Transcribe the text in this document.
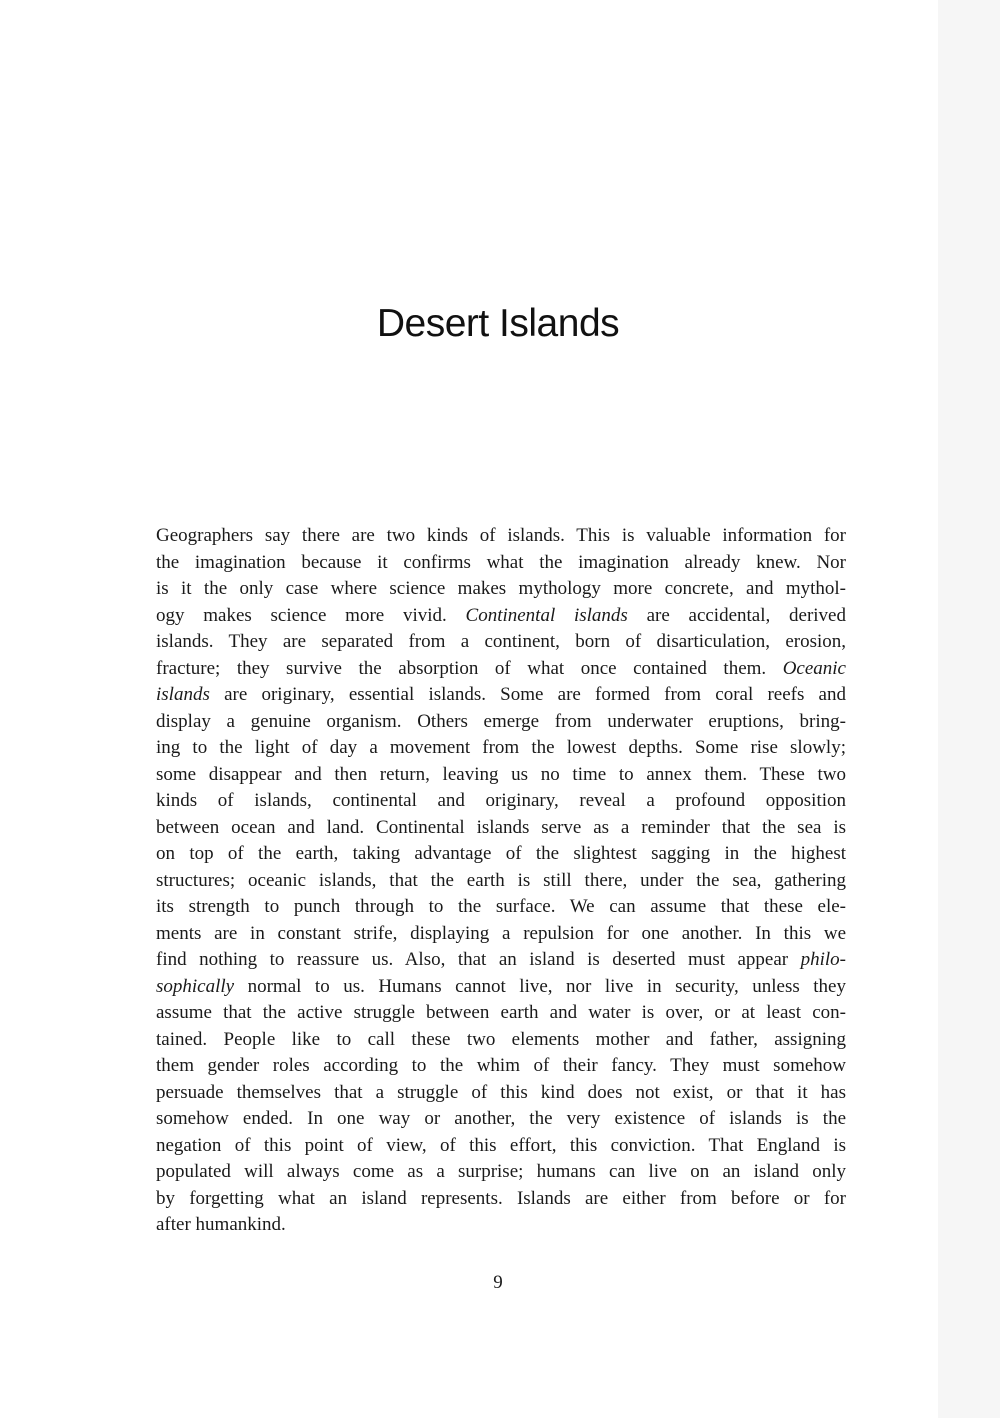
Desert Islands
Geographers say there are two kinds of islands. This is valuable information for
the imagination because it confirms what the imagination already knew. Nor
is it the only case where science makes mythology more concrete, and mythol-
ogy makes science more vivid. Continental islands are accidental, derived
islands. They are separated from a continent, born of disarticulation, erosion,
fracture; they survive the absorption of what once contained them. Oceanic
islands are originary, essential islands. Some are formed from coral reefs and
display a genuine organism. Others emerge from underwater eruptions, bring-
ing to the light of day a movement from the lowest depths. Some rise slowly;
some disappear and then return, leaving us no time to annex them. These two
kinds of islands, continental and originary, reveal a profound opposition
between ocean and land. Continental islands serve as a reminder that the sea is
on top of the earth, taking advantage of the slightest sagging in the highest
structures; oceanic islands, that the earth is still there, under the sea, gathering
its strength to punch through to the surface. We can assume that these ele-
ments are in constant strife, displaying a repulsion for one another. In this we
find nothing to reassure us. Also, that an island is deserted must appear philo-
sophically normal to us. Humans cannot live, nor live in security, unless they
assume that the active struggle between earth and water is over, or at least con-
tained. People like to call these two elements mother and father, assigning
them gender roles according to the whim of their fancy. They must somehow
persuade themselves that a struggle of this kind does not exist, or that it has
somehow ended. In one way or another, the very existence of islands is the
negation of this point of view, of this effort, this conviction. That England is
populated will always come as a surprise; humans can live on an island only
by forgetting what an island represents. Islands are either from before or for
after humankind.
9
